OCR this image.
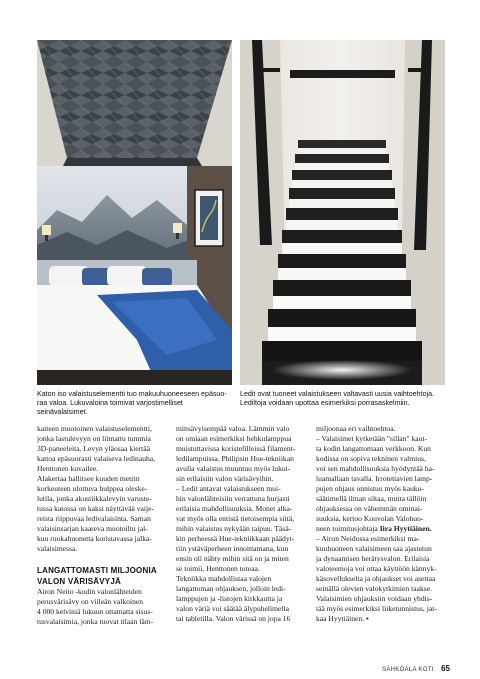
Katon iso valaistuselementti tuo makuuhuoneeseen epäsuo-raa valoa. Lukuvaloina toimivat varjostimelliset seinävalaisimet.
Ledit ovat tuoneet valaistukseen valtavasti uusia vaihtoehtoja. Lediltoja voidaan upottaa esimerkiksi porrasaskelmiin.

kaiteen muotoinen valaistuselementti,
jonka lastulevyyn on liimattu tummia
3D-paneeleita. Levyn yläosaa kiertää
kattoa epäsuorasti valaiseva ledinauha,
Henttonen kuvailee.

Alakertaa hallitsee kuuden metrin
korkeuteen ulottuva hulppea oleske-
lutila, jonka akustiikkalevyin varuste-
tussa katossa on kaksi näyttävää vaije-
reista riippuvaa ledivalaisinta. Saman
valaisinsarjan kaareva muotoiltu jal-
kuu ruokahuonetta koristavassa jalka-
valaisimessa.

LANGATTOMASTI MILJOONIA
VALON VÄRISÄVYJÄ

Airon Neito -kodin valonlähteiden
perusvärisävy on viileän valkoinen
4 000 kelviniä lukuun ottamatta sisus-
tusvalaisimia, jonka tuovat tilaan läm-

minsävyisempää valoa. Lämmin valo
on omiaan esimerkiksi hehkulamppua
muistuttavissa koristefilleissä filament-
ledilampuissa. Philipsin Hue-tekniikan
avulla valaistus muuntuu myös lukui-
sin erilaisiin valon värisävyihin.

– Ledit antavat valaistukseen mui-
hin valonlähteisiin verrattuna hurjasti
erilaisia mahdollisuuksia. Monet alka-
vat myös olla entistä tietoisempia siitä,
mihin valaistus nykyään taipuu. Täsä-
kin perheessä Hue-tekniikkaan päädyt-
tiin ystäväperheen innoittamana, kun
ensin oli nähty mihin sitä on ja miten
se toimii, Henttonen toteaa.

Tekniikka mahdollistaa valojen
langattoman ohjauksen, jolloin ledi-
lamppujen ja -listojen kirkkautta ja
valon väriä voi säätää älypuhelimella
tai tabletilla. Valon värissä on jopa 16

miljoonaa eri vaihtoehtoa.

– Valaisimet kytketään "sillan" kaut-
ta kodin langattomaan verkkoon. Kun
kodissa on sopiva tekninen valmius,
voi sen mahdollisuuksia hyödyntää ha-
luamallaan tavalla. Irrotettavien lamp-
pujen ohjaus onnistuu myös kauko-
säätimellä ilman siltaa, mutta tällöin
ohjauksessa on vähemmän ominai-
suuksia, kertoo Kouvolan Valohuo-
neen toimitusjohtaja Iira Hyytiäinen.

– Airon Neidossa esimerkiksi ma-
kuuhuoneen valaisimeen saa ajastetun
ja dynaamisen herätysvalon. Erilaisia
valoteemoja voi ottaa käyttöön kännyk-
käsovellukselta ja ohjaukset voi asettaa
seinällä olevien valokytkimien taakse.
Valaisimien ohjauksiin voidaan yhdis-
tää myös esimerkiksi liiketunnistus, jat-
kaa Hyytiäinen. ▪

SÄHKÖALA KOTI 65
